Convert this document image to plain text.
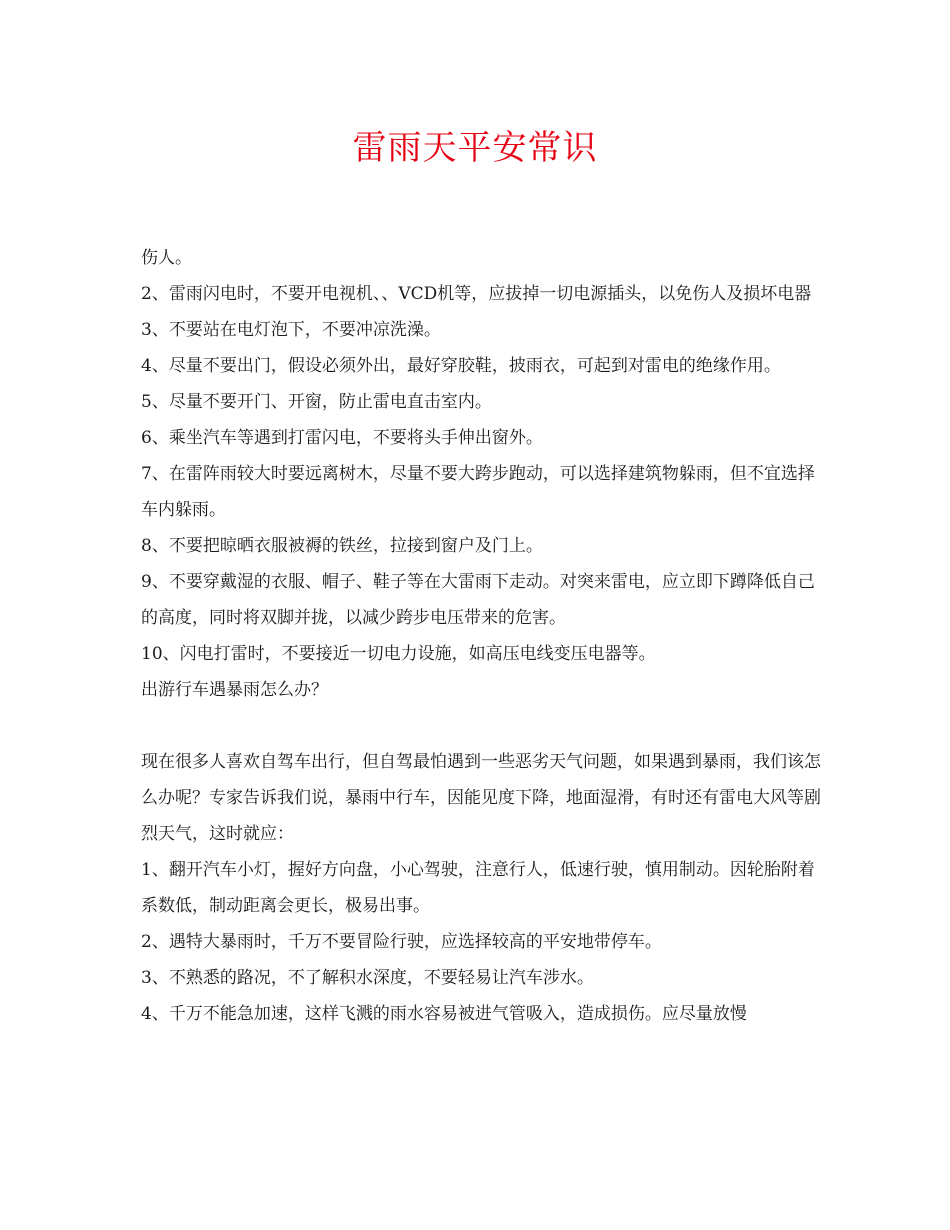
雷雨天平安常识

伤人。

2、雷雨闪电时，不要开电视机、、VCD机等，应拔掉一切电源插头，以免伤人及损坏电器

3、不要站在电灯泡下，不要冲凉洗澡。

4、尽量不要出门，假设必须外出，最好穿胶鞋，披雨衣，可起到对雷电的绝缘作用。

5、尽量不要开门、开窗，防止雷电直击室内。

6、乘坐汽车等遇到打雷闪电，不要将头手伸出窗外。

7、在雷阵雨较大时要远离树木，尽量不要大跨步跑动，可以选择建筑物躲雨，但不宜选择车内躲雨。

8、不要把晾晒衣服被褥的铁丝，拉接到窗户及门上。

9、不要穿戴湿的衣服、帽子、鞋子等在大雷雨下走动。对突来雷电，应立即下蹲降低自己的高度，同时将双脚并拢，以减少跨步电压带来的危害。

10、闪电打雷时，不要接近一切电力设施，如高压电线变压电器等。

出游行车遇暴雨怎么办？

现在很多人喜欢自驾车出行，但自驾最怕遇到一些恶劣天气问题，如果遇到暴雨，我们该怎么办呢？专家告诉我们说，暴雨中行车，因能见度下降，地面湿滑，有时还有雷电大风等剧烈天气，这时就应：

1、翻开汽车小灯，握好方向盘，小心驾驶，注意行人，低速行驶，慎用制动。因轮胎附着系数低，制动距离会更长，极易出事。

2、遇特大暴雨时，千万不要冒险行驶，应选择较高的平安地带停车。

3、不熟悉的路况，不了解积水深度，不要轻易让汽车涉水。

4、千万不能急加速，这样飞溅的雨水容易被进气管吸入，造成损伤。应尽量放慢
